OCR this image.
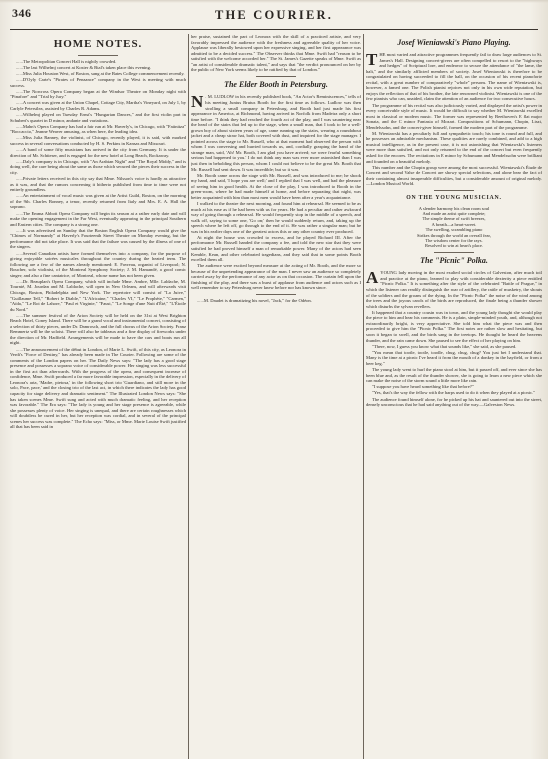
346	THE COURIER.
HOME NOTES.

......The Metropolitan Concert Hall is nightly crowded.

......The last Wilhelmj concert at Koster & Bial's taken place this evening.

......Miss Julia Houston West, of Boston, sang at the Bates College commencement recently.

......D'Oyly Carte's "Pirates of Penzance" company in the West is meeting with much success.

......The Norcross Opera Company began at the Windsor Theatre on Monday night with "Pinafore" and "Trial by Jury."

......A concert was given at the Union Chapel, Cottage City, Martha's Vineyard, on July 1, by Carlyle Petersilea, assisted by Charles R. Adams.

......Wilhelmj played on Tuesday Ernst's "Hungarian Dances," and the first violin part in Schubert's quartet in D minor, andante and variations.

......Mahn's Opera Company has had a fair run at Mr. Haverly's, in Chicago, with "Fatinitza" "Boccaccio," Jeanne Weaver amusing, as when here, the leading idea.

......Miss Julia Ranney, the violinist, of Chicago, recently played, it is said, with marked success in several conversations conducted by H. S. Perkins in Kansas and Missouri.

......A band of some fifty musicians has arrived in the city from Germany. It is under the direction of Mr. Schtieser, and is engaged for the new hotel at Long Beach, Rockaway.

......Daly's company is in Chicago, with "An Arabian Night" and "The Royal Middy," and is doing well, the care being about the same as those which secured the pieces their success in the city.

......Private letters received in this city say that Mme. Nilsson's voice is hardly as attractive as it was, and that the rumors concerning it hitherto published from time to time were not entirely groundless.

......An entertainment of vocal music was given at the Artist Guild, Boston, on the morning of the 9th. Charles Bonney, a tenor, recently returned from Italy and Mrs. E. A. Hall the soprano.

......The Emma Abbott Opera Company will begin its season at a rather early date and will make the opening engagement in the Far West, eventually appearing in the principal Southern and Eastern cities. The company is a strong one.

......It was advertised on Sunday that the Boston English Opera Company would give the "Chimes of Normandy" at Haverly's Fourteenth Street Theatre on Monday evening, but the performance did not take place. It was said that the failure was caused by the illness of one of the singers.

......Several Canadian artists have formed themselves into a company, for the purpose of giving enjoyable soirées musicales throughout the country during the heated term. The following are a few of the names already mentioned: E. Favreau, organist of Liverpool; N. Boucher, solo violinist, of the Montreal Symphony Society; J. M. Hamandé, a good comic singer; and also a fine cantatrice, of Montreal, whose name has not been given.

......Dr. Beauplan's Opera Company, which will include Mme. Ambre, Mlle. Laldache, M. Tournié, M. Jourdan and M. Laldache, will open in New Orleans, and will afterwards visit Chicago, Boston, Philadelphia and New York. The repertoire will consist of "La Juive," "Guillaume Tell," "Robert le Diable," "L'Africaine," "Charles VI," "Le Prophète," "Carmen," "Aïda," "Le Roi de Lahore," "Paul et Virginie," "Faust," "Le Songe d'une Nuit d'Été," "L'Étoile du Nord."

......The summer festival of the Arion Society will be held on the 31st at West Brighton Beach Hotel, Coney Island. There will be a grand vocal and instrumental concert, consisting of a selection of thirty pieces, under Dr. Damrosch, and the full chorus of the Arion Society. Franz Remmertz will be the soloist. There will also be tableaux and a fine display of fireworks under the direction of Mr. Hadfield. Arrangements will be made to have the cars and boats run all night.

......The announcement of the début in London, of Marie L. Swift, of this city, as Leonora in Verdi's "Force of Destiny," has already been made in The Courier. Following are some of the comments of the London papers on her. The Daily News says: "The lady has a good stage presence and possesses a soprano voice of considerable power. Her singing was less successful in the first act than afterwards. With the progress of the opera, and consequent increase of confidence, Mme. Swift produced a far more favorable impression, especially in the delivery of Leonora's aria, 'Madre, pietosa,' in the following short trio 'Guardiano, and still more in the solo, Pace, pace,' and the closing trio of the last act, in which there indicates the lady has good capacity for stage delivery and dramatic sentiment." The Illustrated London News says: "She has taken scenes Mme. Swift sung and acted with much dramatic feeling, and her reception was favorable." The Era says: "The lady is young and her stage presence is agreeable, while she possesses plenty of voice. Her singing is unequal, and there are certain roughnesses which will doubtless be cured in her, but her reception was cordial, and in several of the principal scenes her success was complete." The Echo says: "Miss, or Mme. Marie Louise Swift justified all that has been said in

her praise, sustained the part of Leonora with the skill of a practiced artiste, and very favorably impressed the audience with the freshness and agreeable quality of her voice. Applause was liberally bestowed upon her expressive singing, and her first appearance was admitted to be a decided success." The Observer thinks that Mme. Swift had "reason to be satisfied with the welcome accorded her." The St. James's Gazette speaks of Mme. Swift as "an artist of considerable dramatic talent," and says that "the verdict pronounced on her by the public of New York seems likely to be ratified by that of London."

The Elder Booth in Petersburg.

N . M. LUDLOW in his recently published book, "An Actor's Reminiscences," tells of his meeting Junius Brutus Booth for the first time as follows. Ludlow was then strolling a small company in Petersburg, and Booth had just made his first appearance in America, at Richmond, having arrived in Norfolk from Madeira only a short time before. "I think they had reached the fourth act of the play, and I was sauntering near the head of the stairs that led up to the stage, when a small man, that I took to be a well-grown boy of about sixteen years of age, came running up the stairs, wearing a roundabout jacket and a cheap straw hat, both covered with dust, and inquired for the stage manager. I pointed across the stage to Mr. Russell, who at that moment had observed the person with whom I was conversing and hurried towards us, and, cordially grasping the hand of the strange man, said, 'Ah! Mr. Booth, I am glad you have arrived; we were fearful something serious had happened to you.' I do not think any man was ever more astonished than I was just then in beholding this person, whom I could not believe to be the great Mr. Booth that Mr. Russell had sent down. It was incredible; but so it was.

Mr. Booth came across the stage with Mr. Russell, and was introduced to me; he shook my hand, and said, 'I hope you are well;' and I replied that I was well, and had the pleasure of seeing him in good health. At the close of the play, I was introduced to Booth in the green-room, where he had made himself at home, and before separating that night, was better acquainted with him than most men would have been after a year's acquaintance.

I walked to the theatre the next morning, and found him at rehearsal. He seemed to be as much at his ease as if he had been with us for years. He had a peculiar and rather awkward way of going through a rehearsal. He would frequently stop in the middle of a speech, and walk off, saying to some one, 'Go on;' then he would suddenly return, and, taking up the speech where he left off, go through to the end of it. He was rather a singular man; but he was in his earlier days one of the greatest actors this or any other country ever produced.

At night the house was crowded to excess, and he played Richard III. After the performance Mr. Russell handed the company a fee, and told the new star that they were satisfied he had proved himself a man of remarkable power. Many of the actors had seen Kemble, Kean, and other celebrated tragedians, and they said that in some points Booth excelled them all.

The audience were excited beyond measure at the acting of Mr. Booth, and the more so because of the unpretending appearance of the man. I never saw an audience so completely carried away by the performance of any actor as on that occasion. The curtain fell upon the finishing of the play, and there was a burst of applause from audience and actors such as I well remember to say Petersburg never knew before nor has known since.

......M. Daudet is dramatizing his novel, "Jack," for the Odéon.

Josef Wieniawski's Piano Playing.

THE most varied and attractive programmes frequently fail to draw large audiences to St. James's Hall. Designing concert-givers are often compelled to resort to the "highways and hedges" of Scriptural lore, and endeavor to secure the attendance of "the lame, the halt," and the similarly afflicted members of society. Josef Wieniawski is therefore to be congratulated on having succeeded to fill the hall, on the occasion of his recent pianoforte recital, with a great number of comparatively "whole" persons. The name of Wieniawski is, however, a famed one. The Polish pianist rejoices not only in his own wide reputation, but enjoys the reflection of that of his brother, the late renowned violinist. Wieniawski is one of the few pianists who can, unaided, claim the attention of an audience for two consecutive hours.

The programme of his recital was also judiciously varied, and displayed the artist's power in every conceivable style of music. It would be difficult to say whether M. Wieniawski excelled most in classical or modern music. The former was represented by Beethoven's E flat major Sonata, and the C minor Fantasia of Mozart. Compositions of Schumann, Chopin, Liszt, Mendelssohn, and the concert-giver himself, formed the modern part of the programme.

M. Wieniawski has a peculiarly full and sympathetic touch; his tone is round and full, and he possesses an admirable mechanism. These qualities are rarely combined, and add to a high musical intelligence, as in the present case, it is not astonishing that Wieniawski's listeners were more than satisfied, and not only returned to the end of the concert but even frequently asked for the encores. The recitations in E minor by Schumann and Mendelssohn were brilliant and founded on a beautiful melody.

This number and the Chopin group were among the most successful. Wieniawski's Étude de Concert and second Valse de Concert are showy special selections, and alone bear the fact of their containing almost insuperable difficulties, but a considerable amount of original melody.—London Musical World.

ON THE YOUNG MUSICIAN.
A slender harmony his clean room soul
And made an artist quite complete;
The simple theme of swift breezes,
A breath—a heart-sweet.
The swelling, scrambling piano
Strikes through the world an overall fear,
The wisdom center for the rays.
Resolved to win at heart's place.
The "Picnic" Polka.

A YOUNG lady moving in the most exalted social circles of Galveston, after much toil and practice at the piano, learned to play with considerable dexterity a piece entitled "Picnic Polka." It is something after the style of the celebrated "Battle of Prague," in which the listener can readily distinguish the roar of artillery, the rattle of musketry, the shouts of the soldiers and the groans of the dying. In the "Picnic Polka" the noise of the wind among the trees and the joyous carols of the birds are reproduced, the finale being a thunder shower which disturbs the sylvan revellers.

It happened that a country cousin was in town, and the young lady thought she would play the piece to him and hear his comments. He is a plain, simple-minded youth, and, although not extraordinarily bright, is very appreciative. She told him what the piece was and then proceeded to give him the "Picnic Polka." The first notes are rather slow and hesitating, but soon it began to swell, and the birds sang in the treetops. He thought he heard the heavens thunder, and the rain came down. She paused to see the effect of her playing on him.

"There, now, I guess you know what that sounds like," she said, as she paused.

"You mean that tootle, tootle, toodle, chug, chug, chug? You just bet I understand that. Many is the time at a picnic I've heard it from the mouth of a donkey in the hayfield, or from a beer keg."

The young lady went to hurl the piano stool at him, but it passed off, and ever since she has been blue and, as the result of the thunder shower, she is going to learn a new piece which she can make the noise of the storm sound a little more like rain.

"I suppose you have heard something like that before?"

"Yes, that's the way the fellow with the harps used to do it when they played at a picnic."

The audience found himself alone, for he picked up his hat and sauntered out into the street, densely unconscious that he had said anything out of the way.—Galveston News.
